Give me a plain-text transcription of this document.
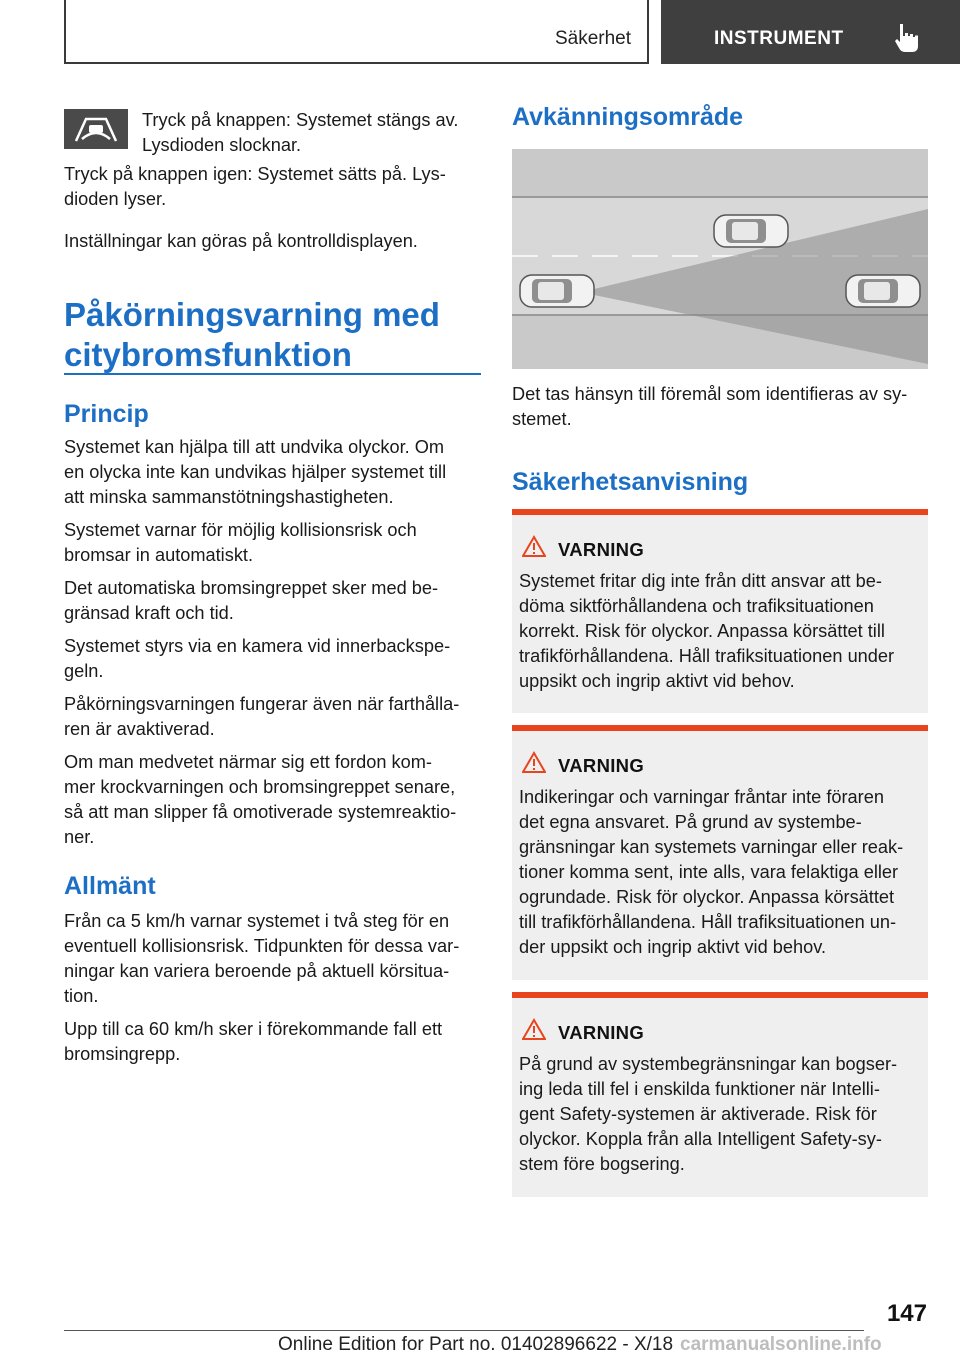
Säkerhet	INSTRUMENT

Tryck på knappen: Systemet stängs av.
Lysdioden slocknar.

Tryck på knappen igen: Systemet sätts på. Lys-
dioden lyser.

Inställningar kan göras på kontrolldisplayen.

Påkörningsvarning med
citybromsfunktion
Princip

Systemet kan hjälpa till att undvika olyckor. Om
en olycka inte kan undvikas hjälper systemet till
att minska sammanstötningshastigheten.

Systemet varnar för möjlig kollisionsrisk och
bromsar in automatiskt.

Det automatiska bromsingreppet sker med be-
gränsad kraft och tid.

Systemet styrs via en kamera vid innerbackspe-
geln.

Påkörningsvarningen fungerar även när farthålla-
ren är avaktiverad.

Om man medvetet närmar sig ett fordon kom-
mer krockvarningen och bromsingreppet senare,
så att man slipper få omotiverade systemreaktio-
ner.

Allmänt

Från ca 5 km/h varnar systemet i två steg för en
eventuell kollisionsrisk. Tidpunkten för dessa var-
ningar kan variera beroende på aktuell körsitua-
tion.

Upp till ca 60 km/h sker i förekommande fall ett
bromsingrepp.

Avkänningsområde

Det tas hänsyn till föremål som identifieras av sy-
stemet.

Säkerhetsanvisning
VARNING
Systemet fritar dig inte från ditt ansvar att be-
döma siktförhållandena och trafiksituationen
korrekt. Risk för olyckor. Anpassa körsättet till
trafikförhållandena. Håll trafiksituationen under
uppsikt och ingrip aktivt vid behov.
VARNING
Indikeringar och varningar fråntar inte föraren
det egna ansvaret. På grund av systembe-
gränsningar kan systemets varningar eller reak-
tioner komma sent, inte alls, vara felaktiga eller
ogrundade. Risk för olyckor. Anpassa körsättet
till trafikförhållandena. Håll trafiksituationen un-
der uppsikt och ingrip aktivt vid behov.
VARNING
På grund av systembegränsningar kan bogser-
ing leda till fel i enskilda funktioner när Intelli-
gent Safety-systemen är aktiverade. Risk för
olyckor. Koppla från alla Intelligent Safety-sy-
stem före bogsering.
147
Online Edition for Part no. 01402896622 - X/18 carmanualsonline.info
